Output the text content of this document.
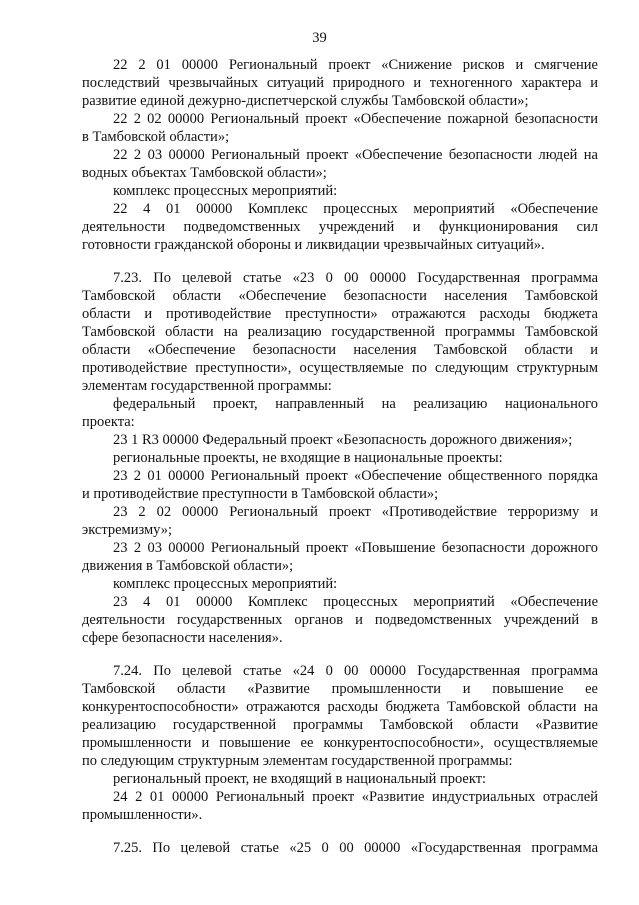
39
22 2 01 00000 Региональный проект «Снижение рисков и смягчение
последствий чрезвычайных ситуаций природного и техногенного характера и
развитие единой дежурно-диспетчерской службы Тамбовской области»;
22 2 02 00000 Региональный проект «Обеспечение пожарной безопасности
в Тамбовской области»;
22 2 03 00000 Региональный проект «Обеспечение безопасности людей на
водных объектах Тамбовской области»;
комплекс процессных мероприятий:
22 4 01 00000 Комплекс процессных мероприятий «Обеспечение
деятельности подведомственных учреждений и функционирования сил
готовности гражданской обороны и ликвидации чрезвычайных ситуаций».
7.23. По целевой статье «23 0 00 00000 Государственная программа
Тамбовской области «Обеспечение безопасности населения Тамбовской
области и противодействие преступности» отражаются расходы бюджета
Тамбовской области на реализацию государственной программы Тамбовской
области «Обеспечение безопасности населения Тамбовской области и
противодействие преступности», осуществляемые по следующим структурным
элементам государственной программы:
федеральный проект, направленный на реализацию национального
проекта:
23 1 R3 00000 Федеральный проект «Безопасность дорожного движения»;
региональные проекты, не входящие в национальные проекты:
23 2 01 00000 Региональный проект «Обеспечение общественного порядка
и противодействие преступности в Тамбовской области»;
23 2 02 00000 Региональный проект «Противодействие терроризму и
экстремизму»;
23 2 03 00000 Региональный проект «Повышение безопасности дорожного
движения в Тамбовской области»;
комплекс процессных мероприятий:
23 4 01 00000 Комплекс процессных мероприятий «Обеспечение
деятельности государственных органов и подведомственных учреждений в
сфере безопасности населения».
7.24. По целевой статье «24 0 00 00000 Государственная программа
Тамбовской области «Развитие промышленности и повышение ее
конкурентоспособности» отражаются расходы бюджета Тамбовской области на
реализацию государственной программы Тамбовской области «Развитие
промышленности и повышение ее конкурентоспособности», осуществляемые
по следующим структурным элементам государственной программы:
региональный проект, не входящий в национальный проект:
24 2 01 00000 Региональный проект «Развитие индустриальных отраслей
промышленности».
7.25. По целевой статье «25 0 00 00000 «Государственная программа
